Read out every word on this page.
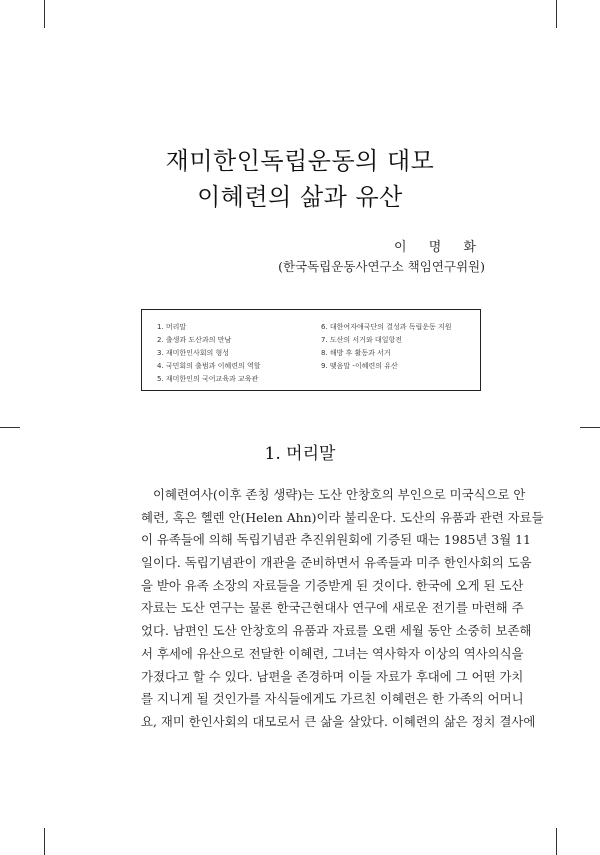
재미한인독립운동의 대모
이혜련의 삶과 유산
이 명 화
(한국독립운동사연구소 책임연구위원)
1. 머리말
2. 출생과 도산과의 만남
3. 재미한인사회의 형성
4. 국민회의 출범과 이혜련의 역할
5. 재미한인의 국어교육과 교육관
6. 대한여자애국단의 결성과 독립운동 지원
7. 도산의 서거와 대일항전
8. 해방 후 활동과 서거
9. 맺음말 -이혜련의 유산
1. 머리말
이혜련여사(이후 존칭 생략)는 도산 안창호의 부인으로 미국식으로 안
혜련, 혹은 헬렌 안(Helen Ahn)이라 불리운다. 도산의 유품과 관련 자료들
이 유족들에 의해 독립기념관 추진위원회에 기증된 때는 1985년 3월 11
일이다. 독립기념관이 개관을 준비하면서 유족들과 미주 한인사회의 도움
을 받아 유족 소장의 자료들을 기증받게 된 것이다. 한국에 오게 된 도산
자료는 도산 연구는 물론 한국근현대사 연구에 새로운 전기를 마련해 주
었다. 남편인 도산 안창호의 유품과 자료를 오랜 세월 동안 소중히 보존해
서 후세에 유산으로 전달한 이혜련, 그녀는 역사학자 이상의 역사의식을
가졌다고 할 수 있다. 남편을 존경하며 이들 자료가 후대에 그 어떤 가치
를 지니게 될 것인가를 자식들에게도 가르친 이혜련은 한 가족의 어머니
요, 재미 한인사회의 대모로서 큰 삶을 살았다. 이혜련의 삶은 정치 결사에
